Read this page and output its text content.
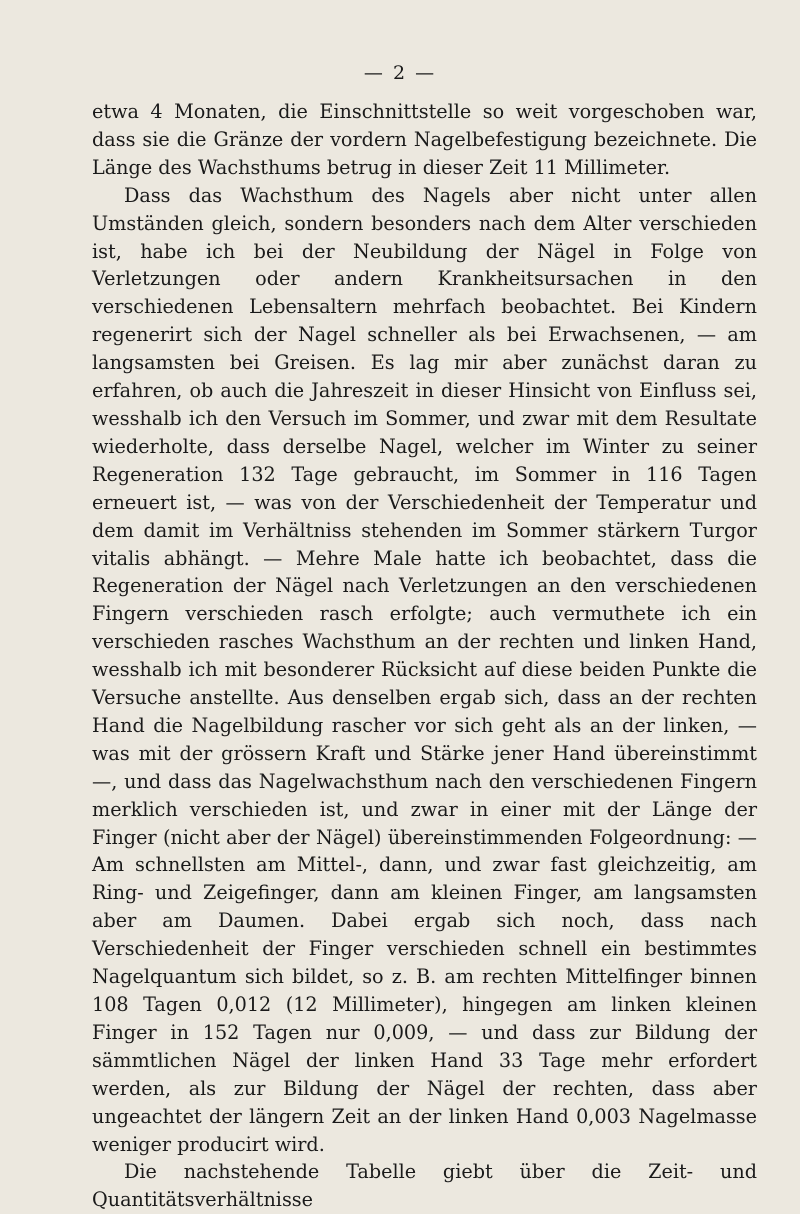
— 2 —

etwa 4 Monaten, die Einschnittstelle so weit vorgeschoben war, dass sie die Gränze der vordern Nagelbefestigung bezeichnete. Die Länge des Wachsthums betrug in dieser Zeit 11 Millimeter.

Dass das Wachsthum des Nagels aber nicht unter allen Umständen gleich, sondern besonders nach dem Alter verschieden ist, habe ich bei der Neubildung der Nägel in Folge von Verletzungen oder andern Krankheitsursachen in den verschiedenen Lebensaltern mehrfach beobachtet. Bei Kindern regenerirt sich der Nagel schneller als bei Erwachsenen, — am langsamsten bei Greisen. Es lag mir aber zunächst daran zu erfahren, ob auch die Jahreszeit in dieser Hinsicht von Einfluss sei, wesshalb ich den Versuch im Sommer, und zwar mit dem Resultate wiederholte, dass derselbe Nagel, welcher im Winter zu seiner Regeneration 132 Tage gebraucht, im Sommer in 116 Tagen erneuert ist, — was von der Verschiedenheit der Temperatur und dem damit im Verhältniss stehenden im Sommer stärkern Turgor vitalis abhängt. — Mehre Male hatte ich beobachtet, dass die Regeneration der Nägel nach Verletzungen an den verschiedenen Fingern verschieden rasch erfolgte; auch vermuthete ich ein verschieden rasches Wachsthum an der rechten und linken Hand, wesshalb ich mit besonderer Rücksicht auf diese beiden Punkte die Versuche anstellte. Aus denselben ergab sich, dass an der rechten Hand die Nagelbildung rascher vor sich geht als an der linken, — was mit der grössern Kraft und Stärke jener Hand übereinstimmt —, und dass das Nagelwachsthum nach den verschiedenen Fingern merklich verschieden ist, und zwar in einer mit der Länge der Finger (nicht aber der Nägel) übereinstimmenden Folgeordnung: — Am schnellsten am Mittel-, dann, und zwar fast gleichzeitig, am Ring- und Zeigefinger, dann am kleinen Finger, am langsamsten aber am Daumen. Dabei ergab sich noch, dass nach Verschiedenheit der Finger verschieden schnell ein bestimmtes Nagelquantum sich bildet, so z. B. am rechten Mittelfinger binnen 108 Tagen 0,012 (12 Millimeter), hingegen am linken kleinen Finger in 152 Tagen nur 0,009, — und dass zur Bildung der sämmtlichen Nägel der linken Hand 33 Tage mehr erfordert werden, als zur Bildung der Nägel der rechten, dass aber ungeachtet der längern Zeit an der linken Hand 0,003 Nagelmasse weniger producirt wird.

Die nachstehende Tabelle giebt über die Zeit- und Quantitätsverhältnisse
